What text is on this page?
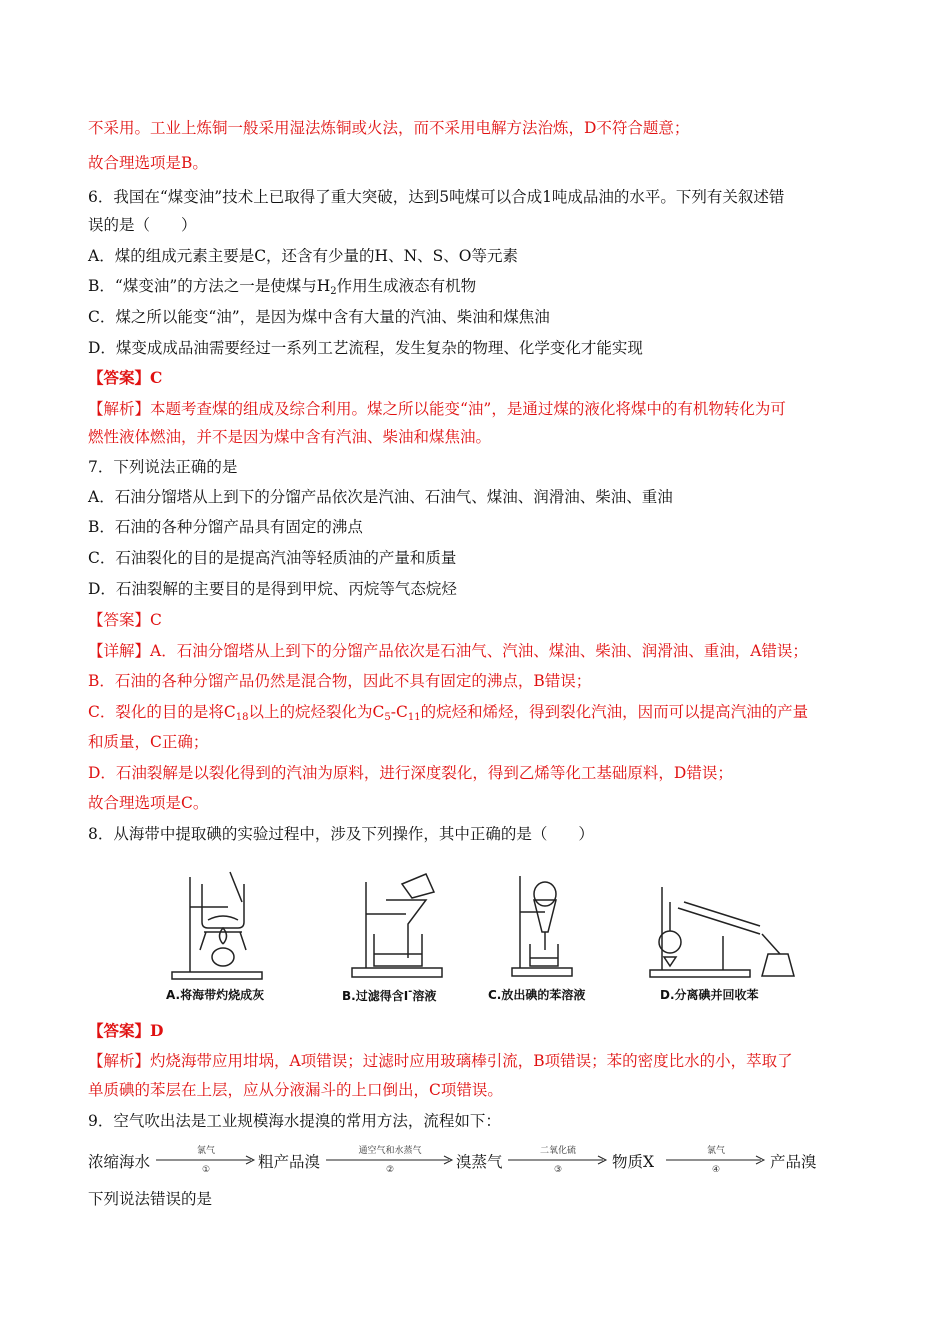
不采用。工业上炼铜一般采用湿法炼铜或火法，而不采用电解方法治炼，D不符合题意；
故合理选项是B。
6．我国在“煤变油”技术上已取得了重大突破，达到5吨煤可以合成1吨成品油的水平。下列有关叙述错
误的是（　　）
A．煤的组成元素主要是C，还含有少量的H、N、S、O等元素
B．“煤变油”的方法之一是使煤与$H_2$作用生成液态有机物
C．煤之所以能变“油”，是因为煤中含有大量的汽油、柴油和煤焦油
D．煤变成成品油需要经过一系列工艺流程，发生复杂的物理、化学变化才能实现
【答案】C
【解析】本题考查煤的组成及综合利用。煤之所以能变“油”，是通过煤的液化将煤中的有机物转化为可
燃性液体燃油，并不是因为煤中含有汽油、柴油和煤焦油。
7．下列说法正确的是
A．石油分馏塔从上到下的分馏产品依次是汽油、石油气、煤油、润滑油、柴油、重油
B．石油的各种分馏产品具有固定的沸点
C．石油裂化的目的是提高汽油等轻质油的产量和质量
D．石油裂解的主要目的是得到甲烷、丙烷等气态烷烃
【答案】C
【详解】A．石油分馏塔从上到下的分馏产品依次是石油气、汽油、煤油、柴油、润滑油、重油，A错误；
B．石油的各种分馏产品仍然是混合物，因此不具有固定的沸点，B错误；
C．裂化的目的是将$C_{18}$以上的烷烃裂化为$C_5-C_{11}$的烷烃和烯烃，得到裂化汽油，因而可以提高汽油的产量
和质量，C正确；
D．石油裂解是以裂化得到的汽油为原料，进行深度裂化，得到乙烯等化工基础原料，D错误；
故合理选项是C。
8．从海带中提取碘的实验过程中，涉及下列操作，其中正确的是（　　）
A.将海带灼烧成灰	B.过滤得含I-溶液	C.放出碘的苯溶液	D.分离碘并回收苯
【答案】D
【解析】灼烧海带应用坩埚，A项错误；过滤时应用玻璃棒引流，B项错误；苯的密度比水的小，萃取了
单质碘的苯层在上层，应从分液漏斗的上口倒出，C项错误。
9．空气吹出法是工业规模海水提溴的常用方法，流程如下：
浓缩海水
氯气
①	粗产品溴
通空气和水蒸气
②	溴蒸气
二氧化硫
③	物质X
氯气
④	产品溴
下列说法错误的是
